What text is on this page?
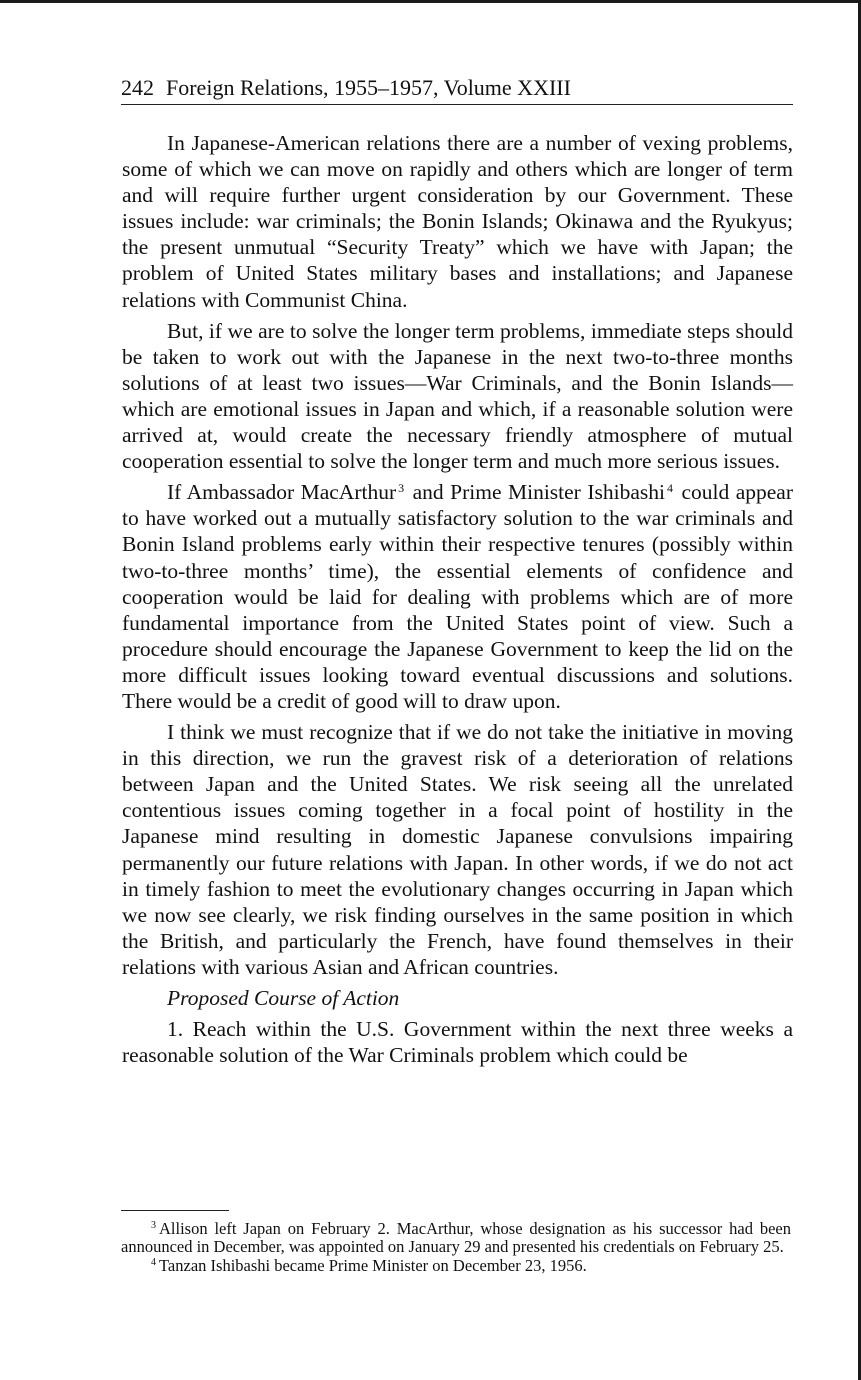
242 Foreign Relations, 1955–1957, Volume XXIII

In Japanese-American relations there are a number of vexing problems, some of which we can move on rapidly and others which are longer of term and will require further urgent consideration by our Government. These issues include: war criminals; the Bonin Islands; Okinawa and the Ryukyus; the present unmutual “Security Treaty” which we have with Japan; the problem of United States military bases and installations; and Japanese relations with Communist China.

But, if we are to solve the longer term problems, immediate steps should be taken to work out with the Japanese in the next two-to-three months solutions of at least two issues—War Criminals, and the Bonin Islands—which are emotional issues in Japan and which, if a reasonable solution were arrived at, would create the necessary friendly atmosphere of mutual cooperation essential to solve the longer term and much more serious issues.

If Ambassador MacArthur $^3$ and Prime Minister Ishibashi $^4$ could appear to have worked out a mutually satisfactory solution to the war criminals and Bonin Island problems early within their respective tenures (possibly within two-to-three months’ time), the essential elements of confidence and cooperation would be laid for dealing with problems which are of more fundamental importance from the United States point of view. Such a procedure should encourage the Japanese Government to keep the lid on the more difficult issues looking toward eventual discussions and solutions. There would be a credit of good will to draw upon.

I think we must recognize that if we do not take the initiative in moving in this direction, we run the gravest risk of a deterioration of relations between Japan and the United States. We risk seeing all the unrelated contentious issues coming together in a focal point of hostility in the Japanese mind resulting in domestic Japanese convulsions impairing permanently our future relations with Japan. In other words, if we do not act in timely fashion to meet the evolutionary changes occurring in Japan which we now see clearly, we risk finding ourselves in the same position in which the British, and particularly the French, have found themselves in their relations with various Asian and African countries.

Proposed Course of Action

1. Reach within the U.S. Government within the next three weeks a reasonable solution of the War Criminals problem which could be

$^3$ Allison left Japan on February 2. MacArthur, whose designation as his successor had been announced in December, was appointed on January 29 and presented his credentials on February 25.

$^4$ Tanzan Ishibashi became Prime Minister on December 23, 1956.
